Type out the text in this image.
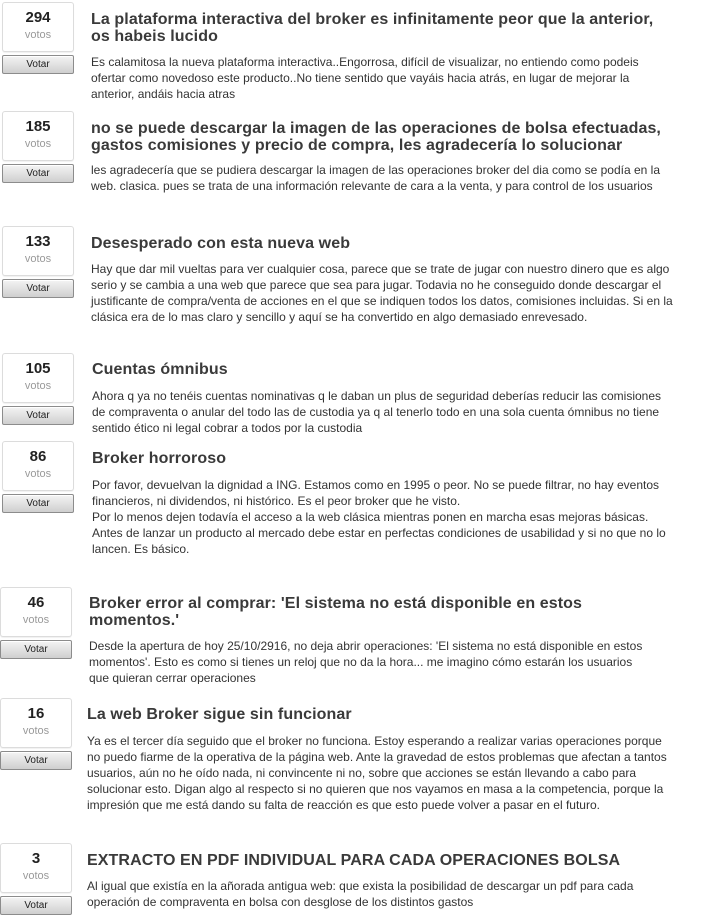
294
votos
Votar
La plataforma interactiva del broker es infinitamente peor que la anterior, os habeis lucido
Es calamitosa la nueva plataforma interactiva..Engorrosa, difícil de visualizar, no entiendo como podeis ofertar como novedoso este producto..No tiene sentido que vayáis hacia atrás, en lugar de mejorar la anterior, andáis hacia atras
185
votos
Votar
no se puede descargar la imagen de las operaciones de bolsa efectuadas, gastos comisiones y precio de compra, les agradecería lo solucionar
les agradecería que se pudiera descargar la imagen de las operaciones broker del dia como se podía en la web. clasica. pues se trata de una información relevante de cara a la venta, y para control de los usuarios
133
votos
Votar
Desesperado con esta nueva web
Hay que dar mil vueltas para ver cualquier cosa, parece que se trate de jugar con nuestro dinero que es algo serio y se cambia a una web que parece que sea para jugar. Todavia no he conseguido donde descargar el justificante de compra/venta de acciones en el que se indiquen todos los datos, comisiones incluidas. Si en la clásica era de lo mas claro y sencillo y aquí se ha convertido en algo demasiado enrevesado.
105
votos
Votar
Cuentas ómnibus
Ahora q ya no tenéis cuentas nominativas q le daban un plus de seguridad deberías reducir las comisiones de compraventa o anular del todo las de custodia ya q al tenerlo todo en una sola cuenta ómnibus no tiene sentido ético ni legal cobrar a todos por la custodia
86
votos
Votar
Broker horroroso
Por favor, devuelvan la dignidad a ING. Estamos como en 1995 o peor. No se puede filtrar, no hay eventos financieros, ni dividendos, ni histórico. Es el peor broker que he visto.
Por lo menos dejen todavía el acceso a la web clásica mientras ponen en marcha esas mejoras básicas.
Antes de lanzar un producto al mercado debe estar en perfectas condiciones de usabilidad y si no que no lo lancen. Es básico.
46
votos
Votar
Broker error al comprar: 'El sistema no está disponible en estos momentos.'
Desde la apertura de hoy 25/10/2916, no deja abrir operaciones: 'El sistema no está disponible en estos momentos'. Esto es como si tienes un reloj que no da la hora... me imagino cómo estarán los usuarios que quieran cerrar operaciones
16
votos
Votar
La web Broker sigue sin funcionar
Ya es el tercer día seguido que el broker no funciona. Estoy esperando a realizar varias operaciones porque no puedo fiarme de la operativa de la página web. Ante la gravedad de estos problemas que afectan a tantos usuarios, aún no he oído nada, ni convincente ni no, sobre que acciones se están llevando a cabo para solucionar esto. Digan algo al respecto si no quieren que nos vayamos en masa a la competencia, porque la impresión que me está dando su falta de reacción es que esto puede volver a pasar en el futuro.
3
votos
Votar
EXTRACTO EN PDF INDIVIDUAL PARA CADA OPERACIONES BOLSA
Al igual que existía en la añorada antigua web: que exista la posibilidad de descargar un pdf para cada operación de compraventa en bolsa con desglose de los distintos gastos
